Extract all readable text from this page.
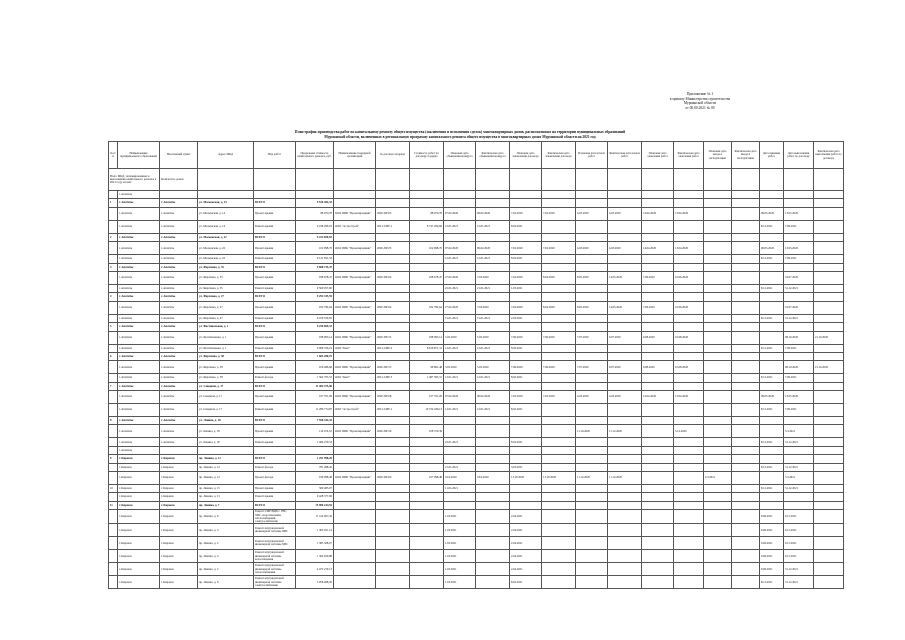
Приложение № 1
к приказу Министерства строительства
Мурманской области
от 00.00.2021 № 00
План-график производства работ по капитальному ремонту общего имущества (заключения и исполнения сделок) многоквартирных домов, расположенных на территории муниципальных образований
Мурманской области, включенных в региональную программу капитального ремонта общего имущества в многоквартирных домах Мурманской области на 2021 год
№ п/п	Наименование муниципального образования	Населенный пункт	Адрес МКД	Вид работ	Предельная стоимость капитального ремонта, руб.	Наименование подрядной организации	№ договора подряда	Стоимость работ по договору подряда	Плановая дата объявления конкурса	Фактическая дата объявления конкурса	Плановая дата заключения договора	Фактическая дата заключения договора	Плановая дата начала работ	Фактическая дата начала работ	Плановая дата окончания работ	Фактическая дата окончания работ	Плановая дата ввода в эксплуатацию	Фактическая дата ввода в эксплуатацию	Дата приемки работ	Дата выполнения работ по договору	Фактическая дата выполнения работ по договору
Всего МКД, запланированных к выполнению капитального ремонта в 2021 году, из них:		Количество домов																			
	г. Апатиты																				
1	г. Апатиты	г. Апатиты	ул. Московская, д. 14	ВСЕГО	9 536 384,33																
	г. Апатиты	г. Апатиты	ул. Московская, д. 14	Проект крыши	88 970,78	ООО ПИК "Проектировщик"	2020-ПР-05	88 970,78	07.02.2020	06.02.2020	7.02.2020	7.02.2020	4.03.2020	4.03.2020	14.04.2020	13.04.2020			06.05.2020	13.05.2020	
	г. Апатиты	г. Апатиты	ул. Московская, д. 14	Ремонт крыши	9 238 266,93	ООО "Астрострой"	2021-СМР-1	8 747 209,66	12.01.2021	12.01.2021	8.02.2021								8.12.2021	7.09.2021	
2	г. Апатиты	г. Апатиты	ул. Московская, д. 22	ВСЕГО	9 224 850,03																
	г. Апатиты	г. Апатиты	ул. Московская, д. 22	Проект крыши	102 998,70	ООО ПИК "Проектировщик"	2020-ПР-05	102 998,70	07.02.2020	06.02.2020	7.02.2020	7.02.2020	4.03.2020	4.03.2020	14.04.2020	13.04.2020			06.05.2020	13.05.2020	
	г. Апатиты	г. Апатиты	ул. Московская, д. 22	Ремонт крыши	9 121 851,33				12.01.2021	12.01.2021	8.02.2021								8.12.2021	7.09.2021	
3	г. Апатиты	г. Апатиты	ул. Ферсмана, д. 35	ВСЕГО	9 688 735,47																
	г. Апатиты	г. Апатиты	ул. Ферсмана, д. 35	Проект крыши	188 678,47	ООО ПИК "Проектировщик"	2020-ПР-04	188 678,47	27.02.2020	7.03.2020	7.04.2020	8.04.2020	8.05.2020	14.05.2020	7.06.2020	10.06.2020				16.07.2020	
	г. Апатиты	г. Апатиты	ул. Ферсмана, д. 35	Ремонт крыши	9 500 057,00				22.01.2021	21.01.2021	1.03.2021								8.12.2021	31.12.2021	
4	г. Апатиты	г. Апатиты	ул. Ферсмана, д. 27	ВСЕГО	9 292 335,59																
	г. Апатиты	г. Апатиты	ул. Ферсмана, д. 27	Проект крыши	182 784,64	ООО ПИК "Проектировщик"	2020-ПР-04	182 784,64	27.02.2020	7.03.2020	7.04.2020	8.04.2020	8.05.2020	14.05.2020	7.06.2020	10.06.2020				16.07.2020	
	г. Апатиты	г. Апатиты	ул. Ферсмана, д. 27	Ремонт крыши	9 109 550,95				15.01.2021	15.01.2021	2.03.2021								8.12.2021	31.12.2021	
5	г. Апатиты	г. Апатиты	ул. Фестивальная, д. 1	ВСЕГО	9 256 699,33																
	г. Апатиты	г. Апатиты	ул. Фестивальная, д. 1	Проект крыши	188 093,14	ООО ПИК "Проектировщик"	2020-ПР-55	188 093,14	5.05.2020	5.05.2020	7.06.2020	7.06.2020	7.07.2020	9.07.2020	9.08.2020	10.08.2020				08.10.2020	21.10.2020
	г. Апатиты	г. Апатиты	ул. Фестивальная, д. 1	Ремонт крыши	9 068 706,19	ООО "Кант"	2021-СМР-2	8 616 871,31	12.01.2021	12.01.2021	8.02.2021								8.12.2021	7.09.2021	
6	г. Апатиты	г. Апатиты	ул. Ферсмана, д. 38	ВСЕГО	1 665 280,19																
	г. Апатиты	г. Апатиты	ул. Ферсмана, д. 38	Проект крыши	100 486,66	ООО ПИК "Проектировщик"	2020-ПР-55	99 861,48	5.05.2020	5.05.2020	7.06.2020	7.06.2020	7.07.2020	9.07.2020	9.08.2020	10.08.2020				08.10.2020	21.10.2020
	г. Апатиты	г. Апатиты	ул. Ферсмана, д. 38	Ремонт фасада	1 564 793,53	ООО "Кант"	2021-СМР-3	1 487 393,31	12.01.2021	12.01.2021	8.02.2021								8.12.2021	7.09.2021	
7	г. Апатиты	г. Апатиты	ул. Северная, д. 17	ВСЕГО	11 484 475,96																
	г. Апатиты	г. Апатиты	ул. Северная, д. 17	Проект крыши	197 701,09	ООО ПИК "Проектировщик"	2020-ПР-08	197 701,09	07.02.2020	06.02.2020	7.02.2020	7.02.2020	4.03.2020	4.03.2020	14.04.2020	13.04.2020			06.05.2020	13.05.2020	
	г. Апатиты	г. Апатиты	ул. Северная, д. 17	Ремонт крыши	11 286 774,87	ООО "Астрострой"	2021-СМР-1	10 722 436,13	12.01.2021	12.01.2021	8.02.2021								8.12.2021	7.09.2021	
8	г. Апатиты	г. Апатиты	ул. Ленина, д. 18	ВСЕГО	7 598 344,43																
	г. Апатиты	г. Апатиты	ул. Ленина, д. 18	Проект крыши	114 074,10	ООО ПИК "Проектировщик"	2020-ПР-56	108 370,39					11.10.2020	11.12.2020		3.12.2020				3.3.2021	
	г. Апатиты	г. Апатиты	ул. Ленина, д. 18	Ремонт крыши	7 484 270,33				22.01.2021		8.02.2021								8.12.2021	31.12.2021	
	г. Апатиты																				
9	г. Кировск	г. Кировск	пр. Ленина, д. 12	ВСЕГО	1 291 998,26																
	г. Кировск	г. Кировск	пр. Ленина, д. 12	Ремонт фасада	781 498,45				21.01.2021		3.03.2021								8.12.2021	31.12.2021	
	г. Кировск	г. Кировск	пр. Ленина, д. 12	Проект фасада	199 098,48	ООО ПИК "Проектировщик"	2020-ПР-60	197 098,48	16.9.2020	18.9.2020	13.10.2020	13.10.2020	11.12.2020	11.12.2020			2.3.2021			3.3.2021	
10	г. Кировск	г. Кировск	пр. Ленина, д. 15	Проект крыши	369 483,07				11.01.2021										8.12.2021	31.12.2021	
	г. Кировск	г. Кировск	пр. Ленина, д. 15	Ремонт крыши	9 428 377,96																
11	г. Кировск	г. Кировск	пр. Ленина, д. 7	ВСЕГО	15 986 244,55																
	г. Кировск	г. Кировск	пр. Ленина, д. 8	Ремонт СМР ВДИС: ГВС, ХВС, водоотведения, теплоснабжения, электроснабжения	17 414 997,42				1.03.2021		2.04.2021								8.06.2021	9.15.2021	
	г. Кировск	г. Кировск	пр. Ленина, д. 4	Ремонт внутридомовой инженерной системы ХВС	1 383 051,14				1.03.2021		2.04.2021								9.06.2021	9.15.2021	
	г. Кировск	г. Кировск	пр. Ленина, д. 2	Ремонт внутридомовой инженерной системы ХВС	1 385 568,07				1.03.2021		2.04.2021								9.06.2021	9.15.2021	
	г. Кировск	г. Кировск	пр. Ленина, д. 4	Ремонт внутридомовой инженерной системы водоотведения	1 394 650,88				1.03.2021		2.04.2021								9.06.2021	9.15.2021	
	г. Кировск	г. Кировск	пр. Ленина, д. 2	Ремонт внутридомовой инженерной системы теплоснабжения	4 472 279,13				1.03.2021		2.04.2021								9.06.2021	31.12.2021	
	г. Кировск	г. Кировск	пр. Ленина, д. 8	Ремонт внутридомовой инженерной системы электроснабжения	3 958 468,56				1.03.2021		8.02.2021								8.12.2021	31.12.2021	
